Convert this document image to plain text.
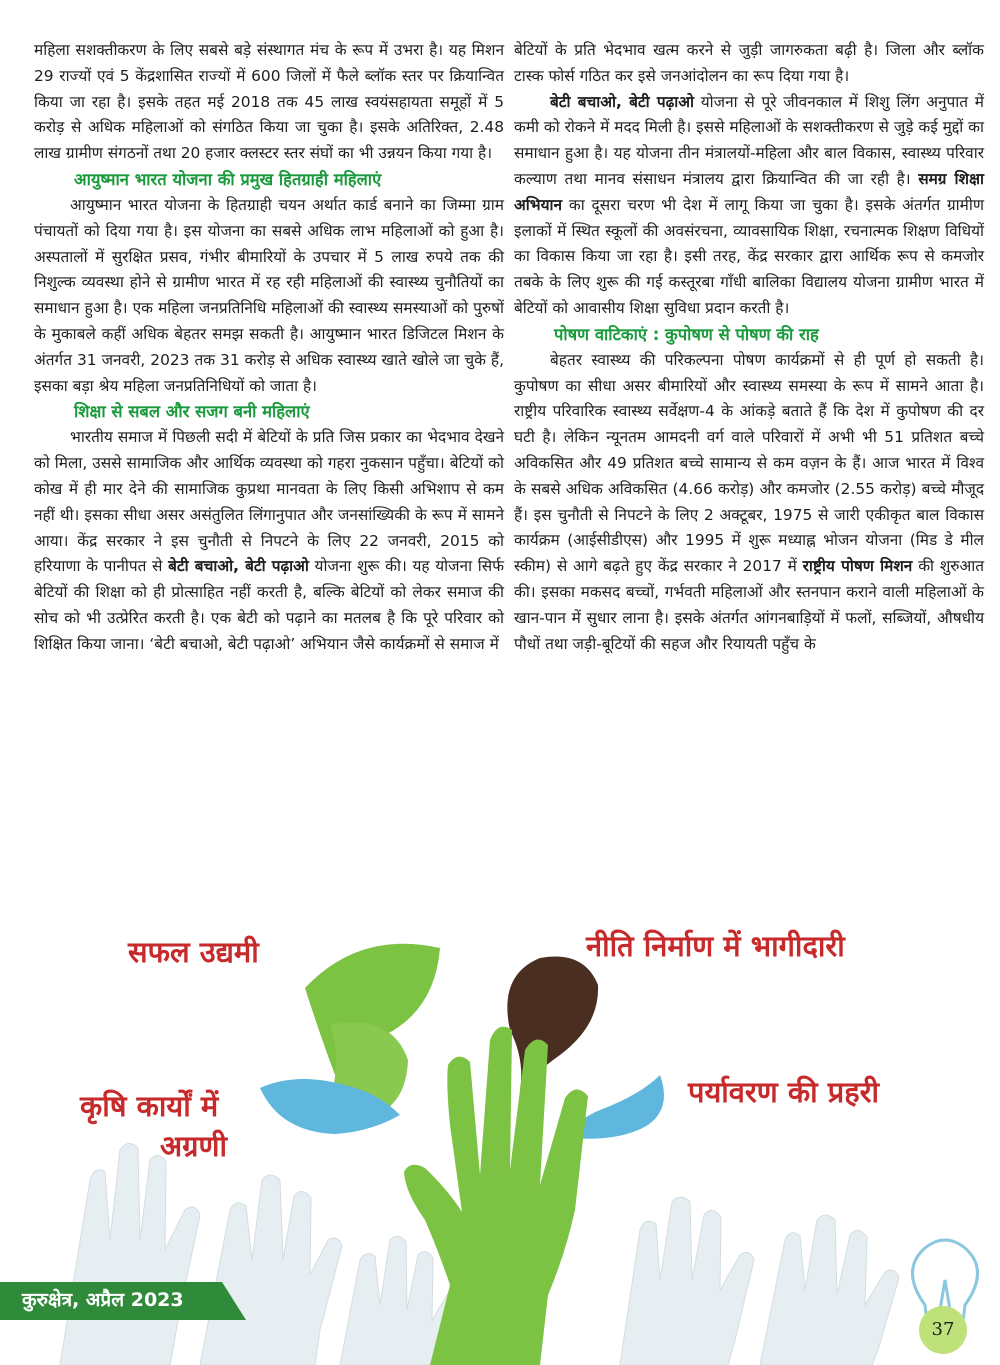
महिला सशक्तीकरण के लिए सबसे बड़े संस्थागत मंच के रूप में उभरा है। यह मिशन 29 राज्यों एवं 5 केंद्रशासित राज्यों में 600 जिलों में फैले ब्लॉक स्तर पर क्रियान्वित किया जा रहा है। इसके तहत मई 2018 तक 45 लाख स्वयंसहायता समूहों में 5 करोड़ से अधिक महिलाओं को संगठित किया जा चुका है। इसके अतिरिक्त, 2.48 लाख ग्रामीण संगठनों तथा 20 हजार क्लस्टर स्तर संघों का भी उन्नयन किया गया है।

आयुष्मान भारत योजना की प्रमुख हितग्राही महिलाएं

आयुष्मान भारत योजना के हितग्राही चयन अर्थात कार्ड बनाने का जिम्मा ग्राम पंचायतों को दिया गया है। इस योजना का सबसे अधिक लाभ महिलाओं को हुआ है। अस्पतालों में सुरक्षित प्रसव, गंभीर बीमारियों के उपचार में 5 लाख रुपये तक की निशुल्क व्यवस्था होने से ग्रामीण भारत में रह रही महिलाओं की स्वास्थ्य चुनौतियों का समाधान हुआ है। एक महिला जनप्रतिनिधि महिलाओं की स्वास्थ्य समस्याओं को पुरुषों के मुकाबले कहीं अधिक बेहतर समझ सकती है। आयुष्मान भारत डिजिटल मिशन के अंतर्गत 31 जनवरी, 2023 तक 31 करोड़ से अधिक स्वास्थ्य खाते खोले जा चुके हैं, इसका बड़ा श्रेय महिला जनप्रतिनिधियों को जाता है।

शिक्षा से सबल और सजग बनी महिलाएं

भारतीय समाज में पिछली सदी में बेटियों के प्रति जिस प्रकार का भेदभाव देखने को मिला, उससे सामाजिक और आर्थिक व्यवस्था को गहरा नुकसान पहुँचा। बेटियों को कोख में ही मार देने की सामाजिक कुप्रथा मानवता के लिए किसी अभिशाप से कम नहीं थी। इसका सीधा असर असंतुलित लिंगानुपात और जनसांख्यिकी के रूप में सामने आया। केंद्र सरकार ने इस चुनौती से निपटने के लिए 22 जनवरी, 2015 को हरियाणा के पानीपत से बेटी बचाओ, बेटी पढ़ाओ योजना शुरू की। यह योजना सिर्फ बेटियों की शिक्षा को ही प्रोत्साहित नहीं करती है, बल्कि बेटियों को लेकर समाज की सोच को भी उत्प्रेरित करती है। एक बेटी को पढ़ाने का मतलब है कि पूरे परिवार को शिक्षित किया जाना। ‘बेटी बचाओ, बेटी पढ़ाओ’ अभियान जैसे कार्यक्रमों से समाज में

बेटियों के प्रति भेदभाव खत्म करने से जुड़ी जागरुकता बढ़ी है। जिला और ब्लॉक टास्क फोर्स गठित कर इसे जनआंदोलन का रूप दिया गया है।

बेटी बचाओ, बेटी पढ़ाओ योजना से पूरे जीवनकाल में शिशु लिंग अनुपात में कमी को रोकने में मदद मिली है। इससे महिलाओं के सशक्तीकरण से जुड़े कई मुद्दों का समाधान हुआ है। यह योजना तीन मंत्रालयों-महिला और बाल विकास, स्वास्थ्य परिवार कल्याण तथा मानव संसाधन मंत्रालय द्वारा क्रियान्वित की जा रही है। समग्र शिक्षा अभियान का दूसरा चरण भी देश में लागू किया जा चुका है। इसके अंतर्गत ग्रामीण इलाकों में स्थित स्कूलों की अवसंरचना, व्यावसायिक शिक्षा, रचनात्मक शिक्षण विधियों का विकास किया जा रहा है। इसी तरह, केंद्र सरकार द्वारा आर्थिक रूप से कमजोर तबके के लिए शुरू की गई कस्तूरबा गाँधी बालिका विद्यालय योजना ग्रामीण भारत में बेटियों को आवासीय शिक्षा सुविधा प्रदान करती है।

पोषण वाटिकाएं : कुपोषण से पोषण की राह

बेहतर स्वास्थ्य की परिकल्पना पोषण कार्यक्रमों से ही पूर्ण हो सकती है। कुपोषण का सीधा असर बीमारियों और स्वास्थ्य समस्या के रूप में सामने आता है। राष्ट्रीय परिवारिक स्वास्थ्य सर्वेक्षण-4 के आंकड़े बताते हैं कि देश में कुपोषण की दर घटी है। लेकिन न्यूनतम आमदनी वर्ग वाले परिवारों में अभी भी 51 प्रतिशत बच्चे अविकसित और 49 प्रतिशत बच्चे सामान्य से कम वज़न के हैं। आज भारत में विश्व के सबसे अधिक अविकसित (4.66 करोड़) और कमजोर (2.55 करोड़) बच्चे मौजूद हैं। इस चुनौती से निपटने के लिए 2 अक्टूबर, 1975 से जारी एकीकृत बाल विकास कार्यक्रम (आईसीडीएस) और 1995 में शुरू मध्याह्न भोजन योजना (मिड डे मील स्कीम) से आगे बढ़ते हुए केंद्र सरकार ने 2017 में राष्ट्रीय पोषण मिशन की शुरुआत की। इसका मकसद बच्चों, गर्भवती महिलाओं और स्तनपान कराने वाली महिलाओं के खान-पान में सुधार लाना है। इसके अंतर्गत आंगनबाड़ियों में फलों, सब्जियों, औषधीय पौधों तथा जड़ी-बूटियों की सहज और रियायती पहुँच के

सफल उद्यमी	नीति निर्माण में भागीदारी
कृषि कार्यों में
अग्रणी
पर्यावरण की प्रहरी
कुरुक्षेत्र, अप्रैल 2023
37
